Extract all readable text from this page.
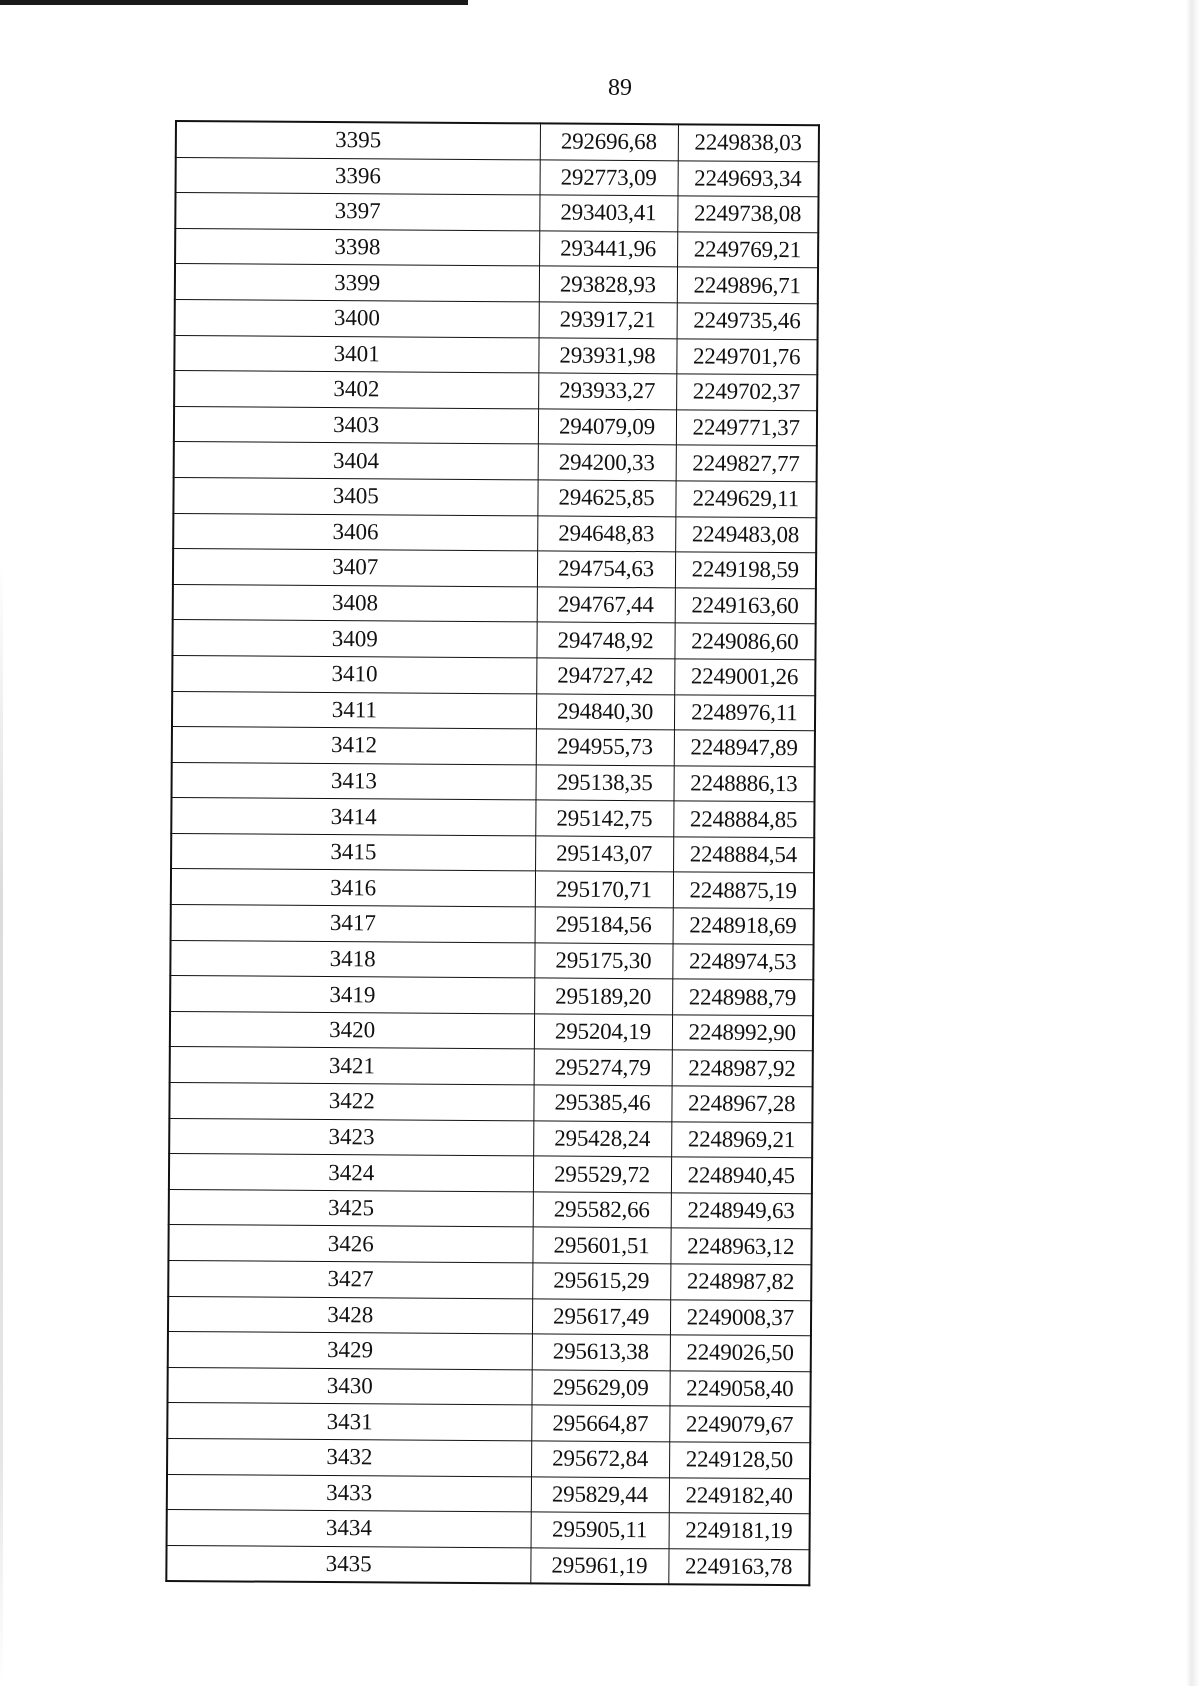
89
3395	292696,68	2249838,03
3396	292773,09	2249693,34
3397	293403,41	2249738,08
3398	293441,96	2249769,21
3399	293828,93	2249896,71
3400	293917,21	2249735,46
3401	293931,98	2249701,76
3402	293933,27	2249702,37
3403	294079,09	2249771,37
3404	294200,33	2249827,77
3405	294625,85	2249629,11
3406	294648,83	2249483,08
3407	294754,63	2249198,59
3408	294767,44	2249163,60
3409	294748,92	2249086,60
3410	294727,42	2249001,26
3411	294840,30	2248976,11
3412	294955,73	2248947,89
3413	295138,35	2248886,13
3414	295142,75	2248884,85
3415	295143,07	2248884,54
3416	295170,71	2248875,19
3417	295184,56	2248918,69
3418	295175,30	2248974,53
3419	295189,20	2248988,79
3420	295204,19	2248992,90
3421	295274,79	2248987,92
3422	295385,46	2248967,28
3423	295428,24	2248969,21
3424	295529,72	2248940,45
3425	295582,66	2248949,63
3426	295601,51	2248963,12
3427	295615,29	2248987,82
3428	295617,49	2249008,37
3429	295613,38	2249026,50
3430	295629,09	2249058,40
3431	295664,87	2249079,67
3432	295672,84	2249128,50
3433	295829,44	2249182,40
3434	295905,11	2249181,19
3435	295961,19	2249163,78
